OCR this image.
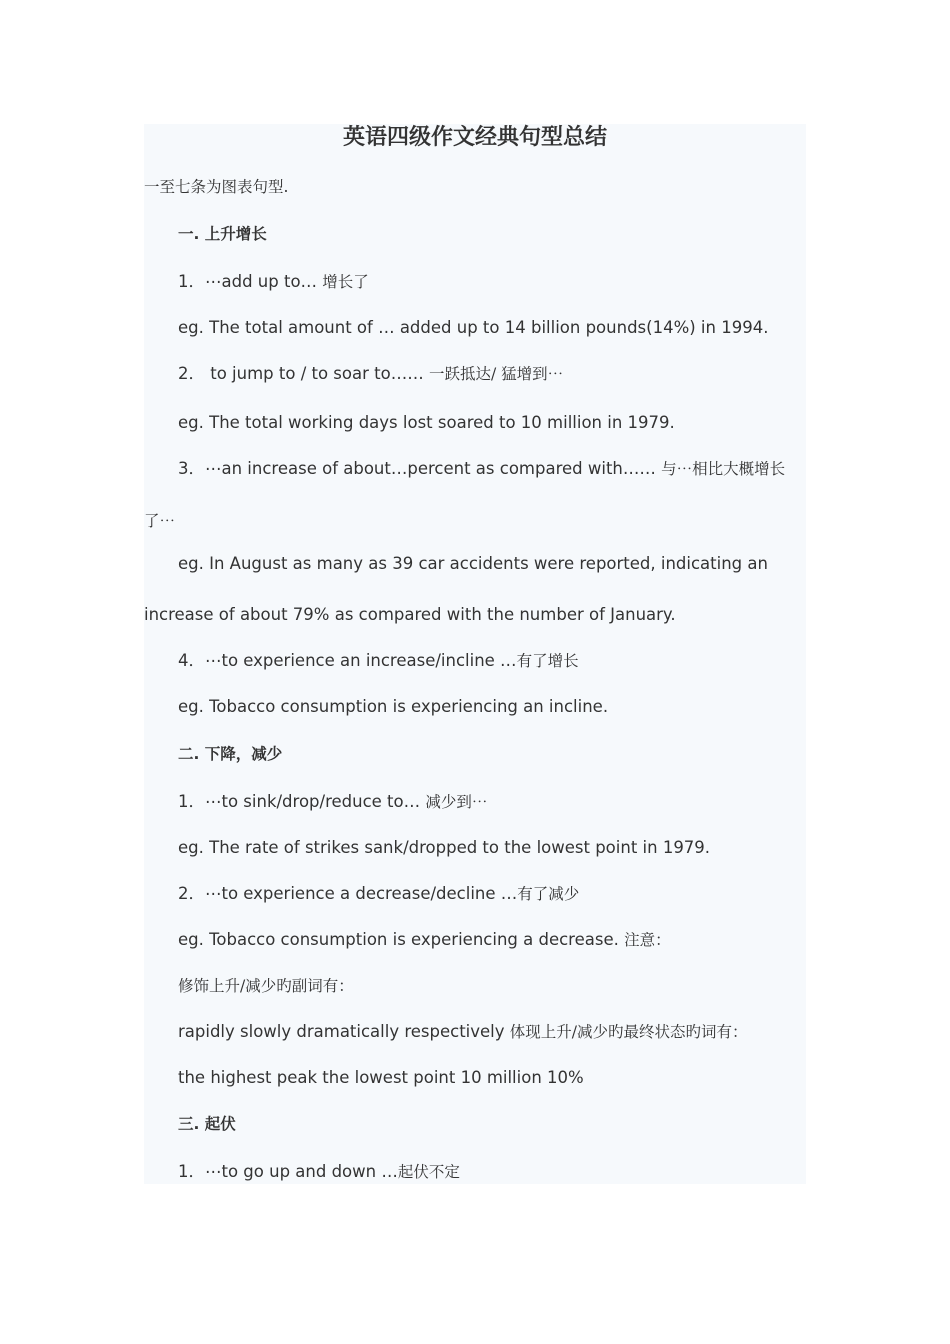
英语四级作文经典句型总结
一至七条为图表句型.
一. 上升增长
1．⋯add up to… 增长了
eg. The total amount of … added up to 14 billion pounds(14%) in 1994.
2． to jump to / to soar to…… 一跃抵达/ 猛增到⋯
eg. The total working days lost soared to 10 million in 1979.
3．⋯an increase of about…percent as compared with…… 与⋯相比大概增长
了⋯
eg. In August as many as 39 car accidents were reported, indicating an
increase of about 79% as compared with the number of January.
4．⋯to experience an increase/incline …有了增长
eg. Tobacco consumption is experiencing an incline.
二. 下降，减少
1．⋯to sink/drop/reduce to… 减少到⋯
eg. The rate of strikes sank/dropped to the lowest point in 1979.
2．⋯to experience a decrease/decline …有了减少
eg. Tobacco consumption is experiencing a decrease. 注意：
修饰上升/减少旳副词有：
rapidly slowly dramatically respectively 体现上升/减少旳最终状态旳词有：
the highest peak the lowest point 10 million 10%
三. 起伏
1．⋯to go up and down …起伏不定
